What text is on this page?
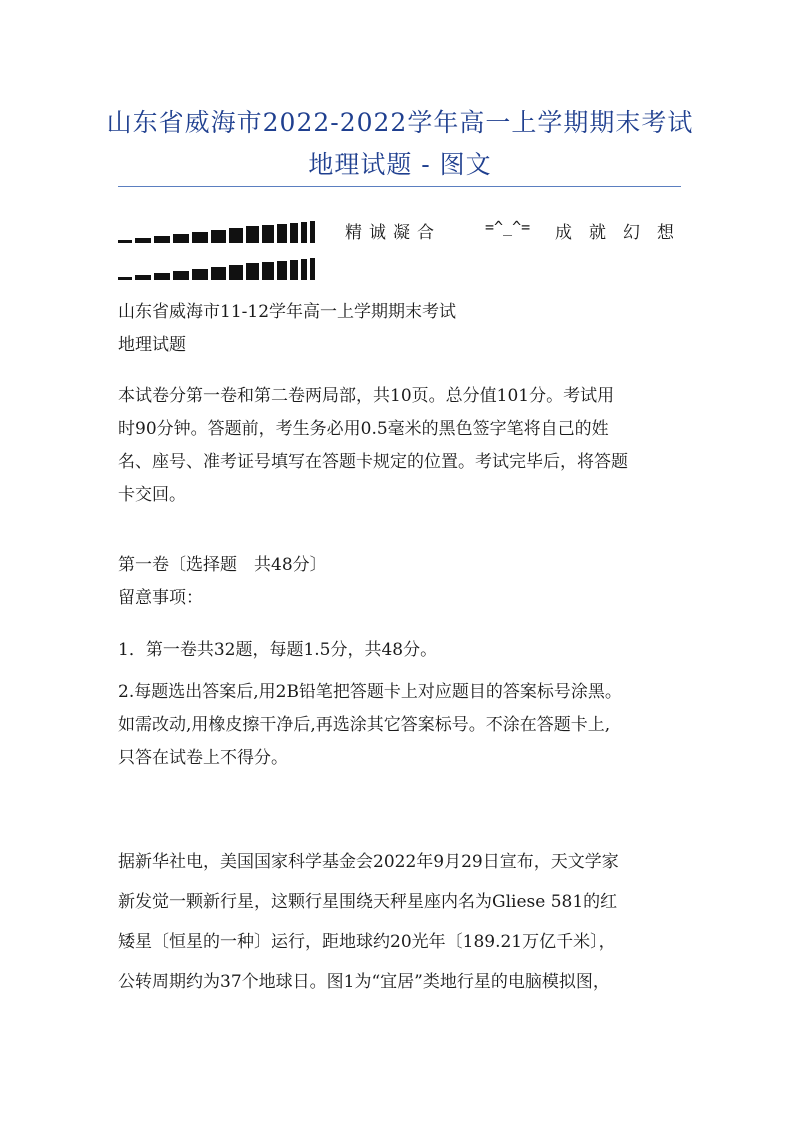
山东省威海市2022-2022学年高一上学期期末考试
地理试题 - 图文
精 诚 凝 合	=^_^= 成 就 幻 想
山东省威海市11-12学年高一上学期期末考试
地理试题
本试卷分第一卷和第二卷两局部，共10页。总分值101分。考试用
时90分钟。答题前，考生务必用0.5毫米的黑色签字笔将自己的姓
名、座号、准考证号填写在答题卡规定的位置。考试完毕后，将答题
卡交回。
第一卷〔选择题　共48分〕
留意事项：
1．第一卷共32题，每题1.5分，共48分。
2.每题选出答案后,用2B铅笔把答题卡上对应题目的答案标号涂黑。
如需改动,用橡皮擦干净后,再选涂其它答案标号。不涂在答题卡上,
只答在试卷上不得分。
据新华社电，美国国家科学基金会2022年9月29日宣布，天文学家
新发觉一颗新行星，这颗行星围绕天秤星座内名为Gliese 581的红
矮星〔恒星的一种〕运行，距地球约20光年〔189.21万亿千米〕，
公转周期约为37个地球日。图1为“宜居”类地行星的电脑模拟图，
